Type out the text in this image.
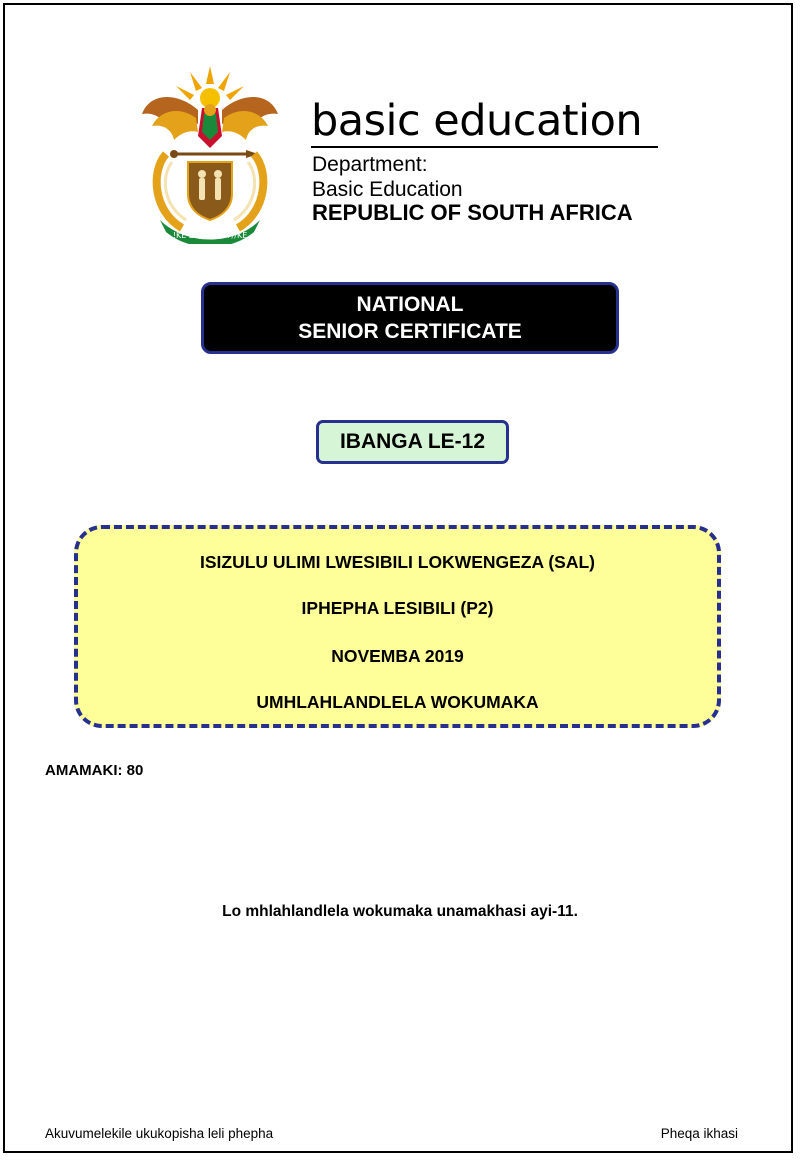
!KE E: /XARRA //KE
basic education
Department:
Basic Education
REPUBLIC OF SOUTH AFRICA
NATIONAL
SENIOR CERTIFICATE
IBANGA LE-12
ISIZULU ULIMI LWESIBILI LOKWENGEZA (SAL)
IPHEPHA LESIBILI (P2)
NOVEMBA 2019
UMHLAHLANDLELA WOKUMAKA
AMAMAKI: 80
Lo mhlahlandlela wokumaka unamakhasi ayi-11.
Akuvumelekile ukukopisha leli phepha	Pheqa ikhasi
